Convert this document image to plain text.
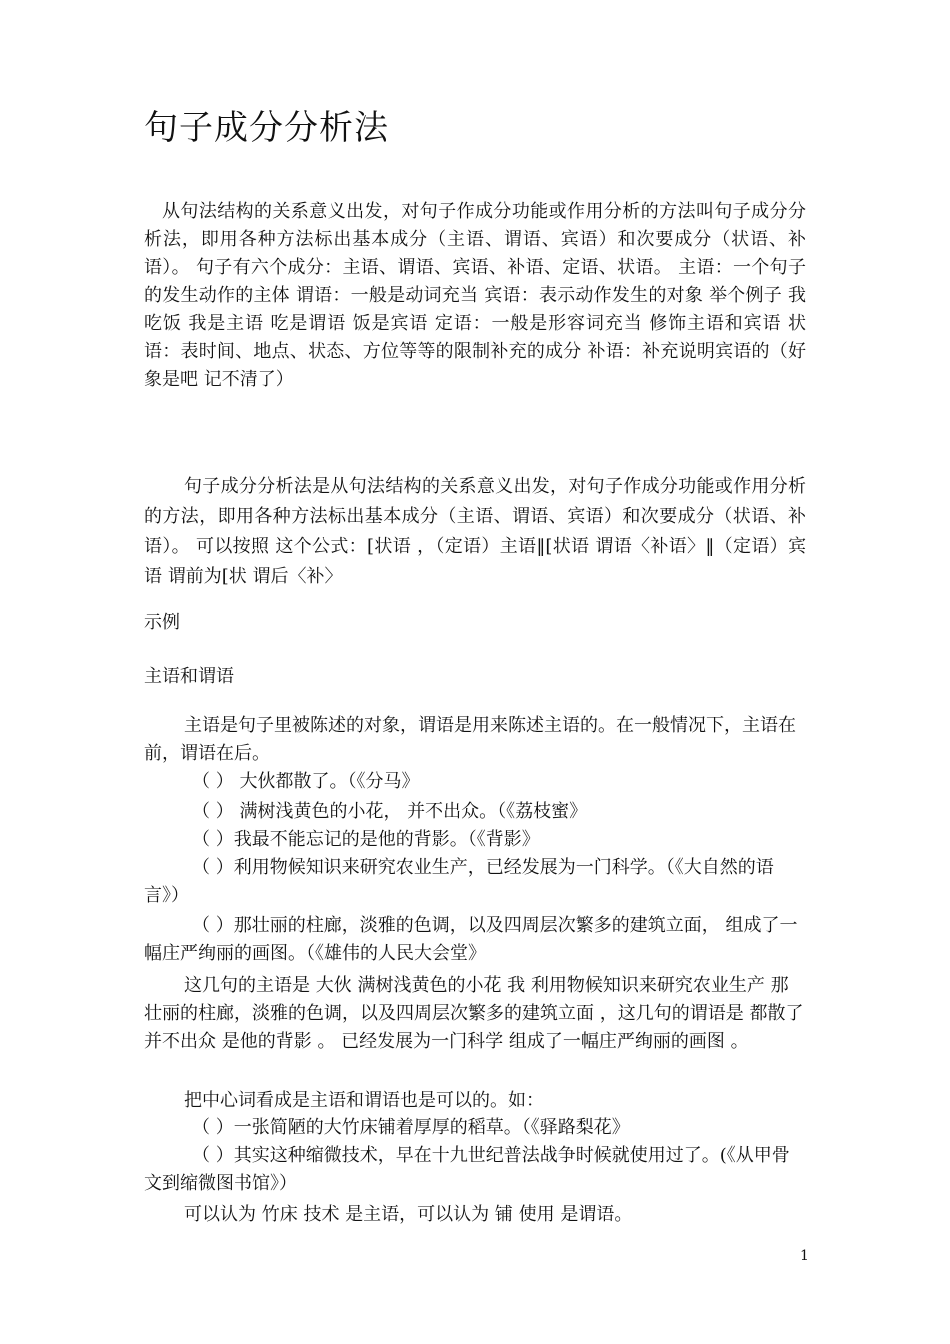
句子成分分析法

从句法结构的关系意义出发，对句子作成分功能或作用分析的方法叫句子成分分析法，即用各种方法标出基本成分（主语、谓语、宾语）和次要成分（状语、补语）。 句子有六个成分：主语、谓语、宾语、补语、定语、状语。 主语：一个句子的发生动作的主体 谓语：一般是动词充当 宾语：表示动作发生的对象 举个例子 我吃饭 我是主语 吃是谓语 饭是宾语 定语：一般是形容词充当 修饰主语和宾语 状语：表时间、地点、状态、方位等等的限制补充的成分 补语：补充说明宾语的（好象是吧 记不清了）

句子成分分析法是从句法结构的关系意义出发，对句子作成分功能或作用分析的方法，即用各种方法标出基本成分（主语、谓语、宾语）和次要成分（状语、补语）。 可以按照 这个公式：[状语 ，（定语）主语‖[状语 谓语〈补语〉‖（定语）宾语 谓前为[状 谓后〈补〉

示例

主语和谓语

主语是句子里被陈述的对象，谓语是用来陈述主语的。在一般情况下，主语在前，谓语在后。

（ ） 大伙都散了。（《分马》

（ ） 满树浅黄色的小花， 并不出众。（《荔枝蜜》

（ ）我最不能忘记的是他的背影。（《背影》

（ ）利用物候知识来研究农业生产，已经发展为一门科学。（《大自然的语言》）

（ ）那壮丽的柱廊，淡雅的色调，以及四周层次繁多的建筑立面， 组成了一幅庄严绚丽的画图。（《雄伟的人民大会堂》

这几句的主语是 大伙 满树浅黄色的小花 我 利用物候知识来研究农业生产 那壮丽的柱廊，淡雅的色调，以及四周层次繁多的建筑立面 ，这几句的谓语是 都散了 并不出众 是他的背影 。 已经发展为一门科学 组成了一幅庄严绚丽的画图 。

把中心词看成是主语和谓语也是可以的。如：

（ ）一张简陋的大竹床铺着厚厚的稻草。（《驿路梨花》

（ ）其实这种缩微技术，早在十九世纪普法战争时候就使用过了。(《从甲骨文到缩微图书馆》）

可以认为 竹床 技术 是主语，可以认为 铺 使用 是谓语。

1
